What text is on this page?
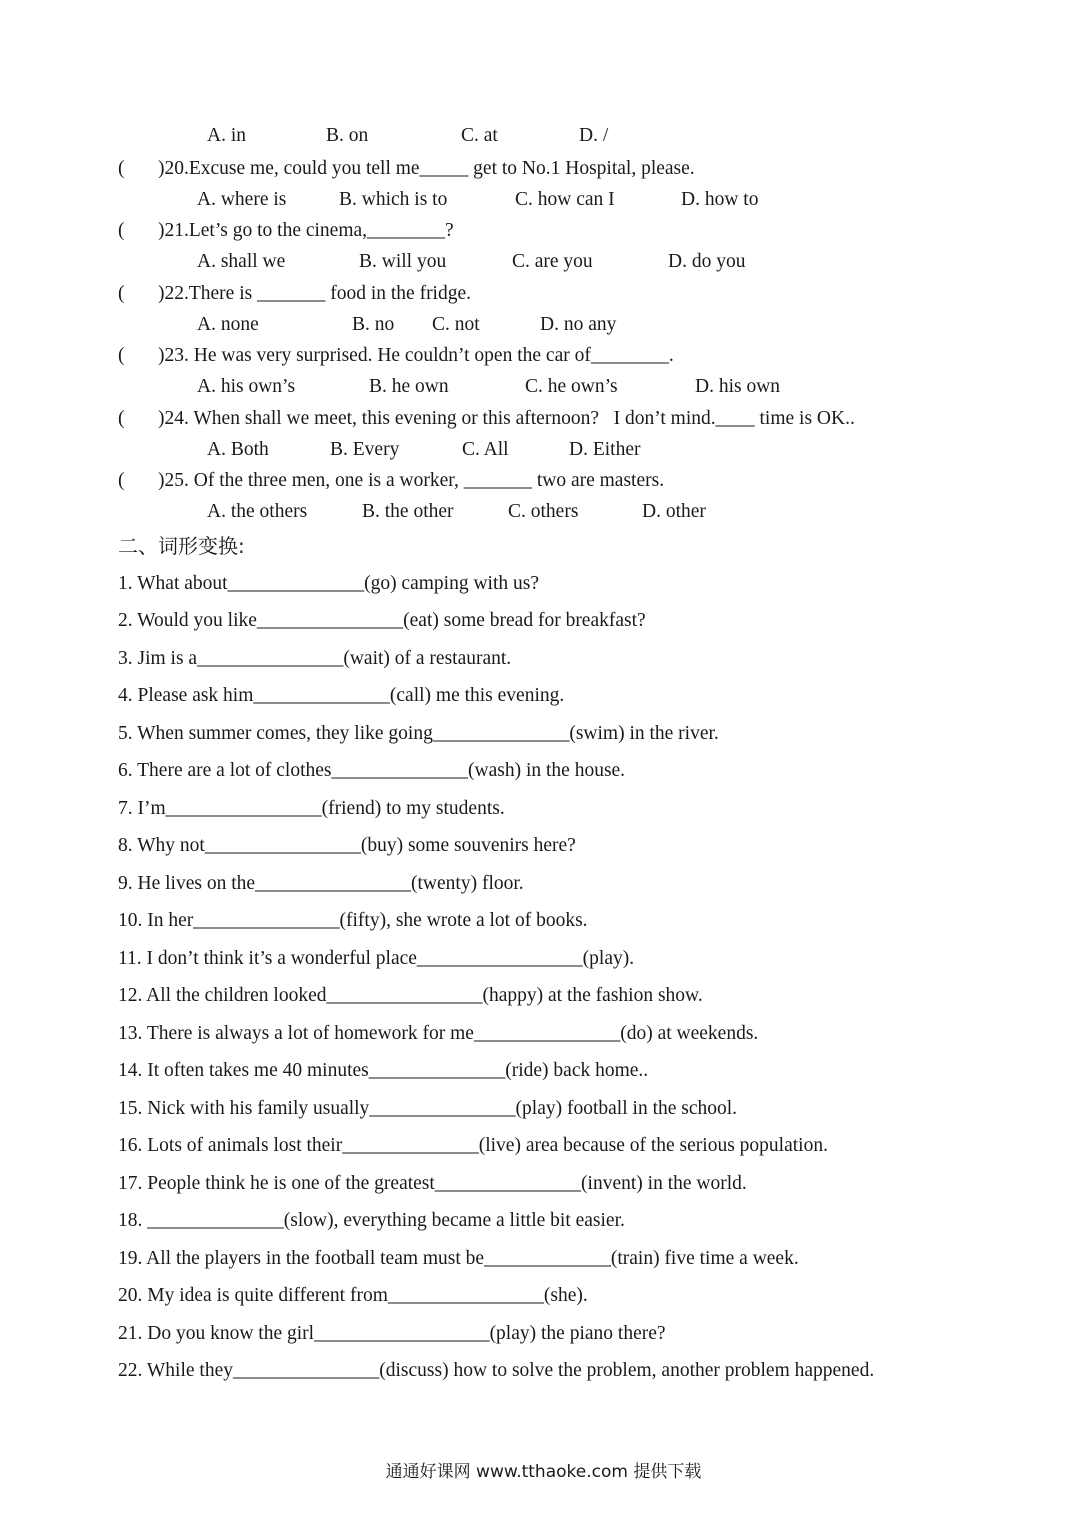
A. in	B. on	C. at	D. /
( )20.Excuse me, could you tell me_____ get to No.1 Hospital, please.
A. where is	B. which is to	C. how can I	D. how to
( )21.Let’s go to the cinema,________?
A. shall we	B. will you	C. are you	D. do you
( )22.There is _______ food in the fridge.
A. none	B. no C. not	D. no any
( )23. He was very surprised. He couldn’t open the car of________.
A. his own’s	B. he own	C. he own’s	D. his own
( )24. When shall we meet, this evening or this afternoon?   I don’t mind.____ time is OK..
A. Both	B. Every	C. All	D. Either
( )25. Of the three men, one is a worker, _______ two are masters.
A. the others	B. the other	C. others	D. other
二、词形变换:
1. What about______________(go) camping with us?
2. Would you like_______________(eat) some bread for breakfast?
3. Jim is a_______________(wait) of a restaurant.
4. Please ask him______________(call) me this evening.
5. When summer comes, they like going______________(swim) in the river.
6. There are a lot of clothes______________(wash) in the house.
7. I’m________________(friend) to my students.
8. Why not________________(buy) some souvenirs here?
9. He lives on the________________(twenty) floor.
10. In her_______________(fifty), she wrote a lot of books.
11. I don’t think it’s a wonderful place_________________(play).
12. All the children looked________________(happy) at the fashion show.
13. There is always a lot of homework for me_______________(do) at weekends.
14. It often takes me 40 minutes______________(ride) back home..
15. Nick with his family usually_______________(play) football in the school.
16. Lots of animals lost their______________(live) area because of the serious population.
17. People think he is one of the greatest_______________(invent) in the world.
18. ______________(slow), everything became a little bit easier.
19. All the players in the football team must be_____________(train) five time a week.
20. My idea is quite different from________________(she).
21. Do you know the girl__________________(play) the piano there?
22. While they_______________(discuss) how to solve the problem, another problem happened.
通通好课网 www.tthaoke.com 提供下载
